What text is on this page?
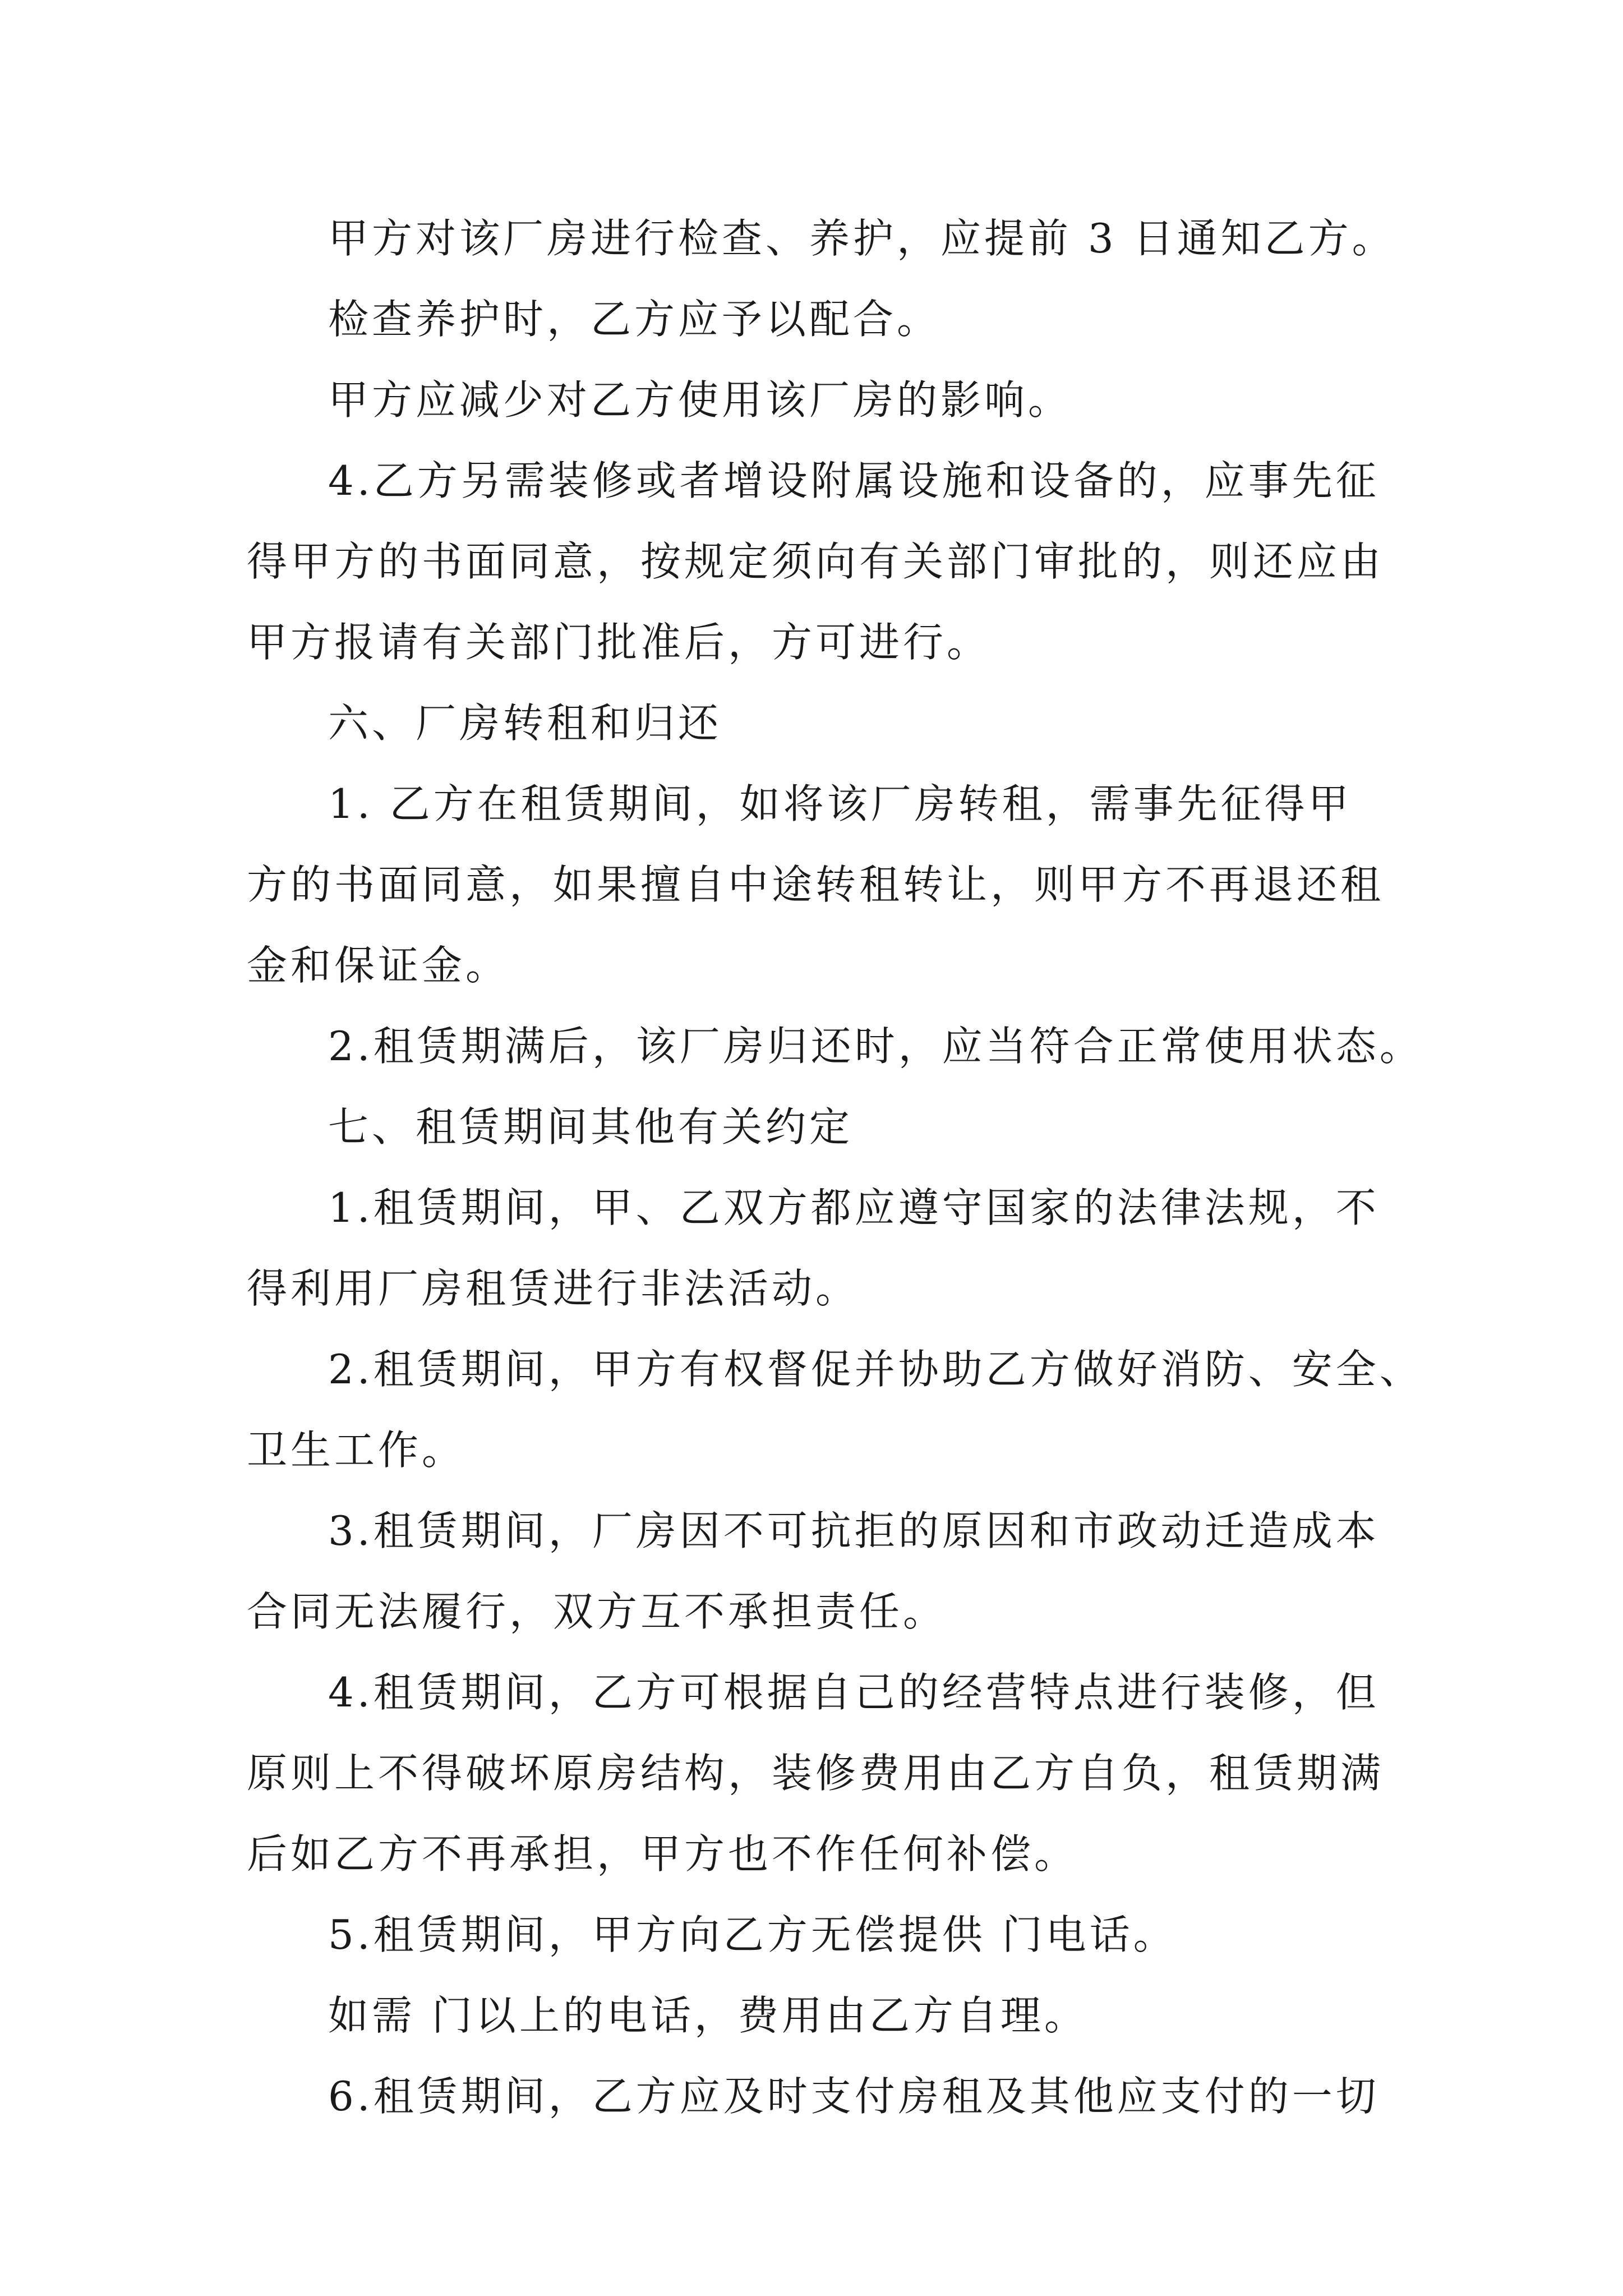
甲方对该厂房进行检查、养护，应提前 3 日通知乙方。
检查养护时，乙方应予以配合。
甲方应减少对乙方使用该厂房的影响。
4.乙方另需装修或者增设附属设施和设备的，应事先征
得甲方的书面同意，按规定须向有关部门审批的，则还应由
甲方报请有关部门批准后，方可进行。
六、厂房转租和归还
1. 乙方在租赁期间，如将该厂房转租，需事先征得甲
方的书面同意，如果擅自中途转租转让，则甲方不再退还租
金和保证金。
2.租赁期满后，该厂房归还时，应当符合正常使用状态。
七、租赁期间其他有关约定
1.租赁期间，甲、乙双方都应遵守国家的法律法规，不
得利用厂房租赁进行非法活动。
2.租赁期间，甲方有权督促并协助乙方做好消防、安全、
卫生工作。
3.租赁期间，厂房因不可抗拒的原因和市政动迁造成本
合同无法履行，双方互不承担责任。
4.租赁期间，乙方可根据自己的经营特点进行装修，但
原则上不得破坏原房结构，装修费用由乙方自负，租赁期满
后如乙方不再承担，甲方也不作任何补偿。
5.租赁期间，甲方向乙方无偿提供 门电话。
如需 门以上的电话，费用由乙方自理。
6.租赁期间，乙方应及时支付房租及其他应支付的一切
